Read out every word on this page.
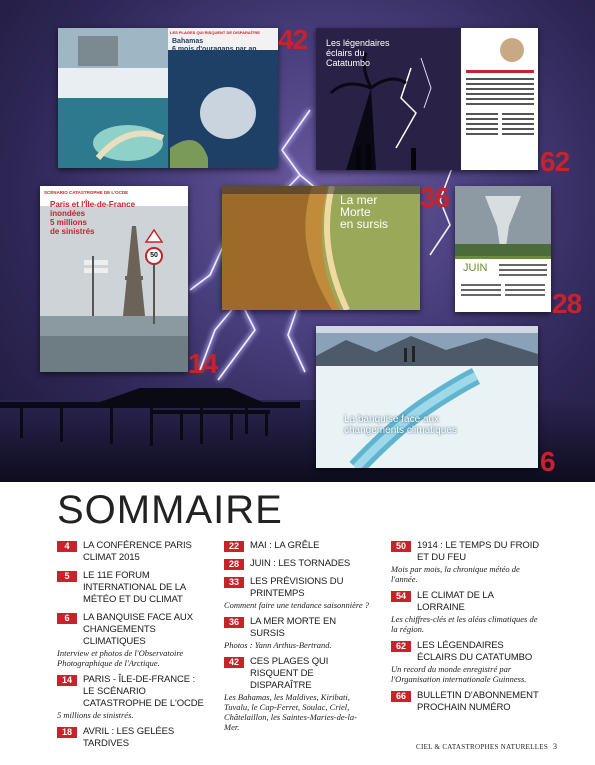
LES PLAGES QUI RISQUENT DE DISPARAÎTRE
Bahamas
6 mois d'ouragans par an 42 Les légendaires
éclairs du
Catatumbo
62
SCÉNARIO CATASTROPHE DE L'OCDE
Paris et l'Île-de-France
inondées
5 millions
de sinistrés
50
14
La mer
Morte
en sursis
36
JUIN
28
La banquise face aux
changements climatiques
6
SOMMAIRE
4	LA CONFÉRENCE PARIS CLIMAT 2015
5	LE 11E FORUM INTERNATIONAL DE LA MÉTÉO ET DU CLIMAT
6	LA BANQUISE FACE AUX CHANGEMENTS CLIMATIQUES
Interview et photos de l'Observatoire Photographique de l'Arctique.
14	PARIS - ÎLE-DE-FRANCE : LE SCÉNARIO CATASTROPHE DE L'OCDE
5 millions de sinistrés.
18	AVRIL : LES GELÉES TARDIVES
22	MAI : LA GRÊLE
28	JUIN : LES TORNADES
33	LES PRÉVISIONS DU PRINTEMPS
Comment faire une tendance saisonnière ?
36	LA MER MORTE EN SURSIS
Photos : Yann Arthus-Bertrand.
42	CES PLAGES QUI RISQUENT DE DISPARAÎTRE
Les Bahamas, les Maldives, Kiribati, Tuvalu, le Cap-Ferret, Soulac, Criel, Châtelaillon, les Saintes-Maries-de-la-Mer.
50	1914 : LE TEMPS DU FROID ET DU FEU
Mois par mois, la chronique météo de l'année.
54	LE CLIMAT DE LA LORRAINE
Les chiffres-clés et les aléas climatiques de la région.
62	LES LÉGENDAIRES ÉCLAIRS DU CATATUMBO
Un record du monde enregistré par l'Organisation internationale Guinness.
66	BULLETIN D'ABONNEMENT PROCHAIN NUMÉRO
CIEL & CATASTROPHES NATURELLES 3
